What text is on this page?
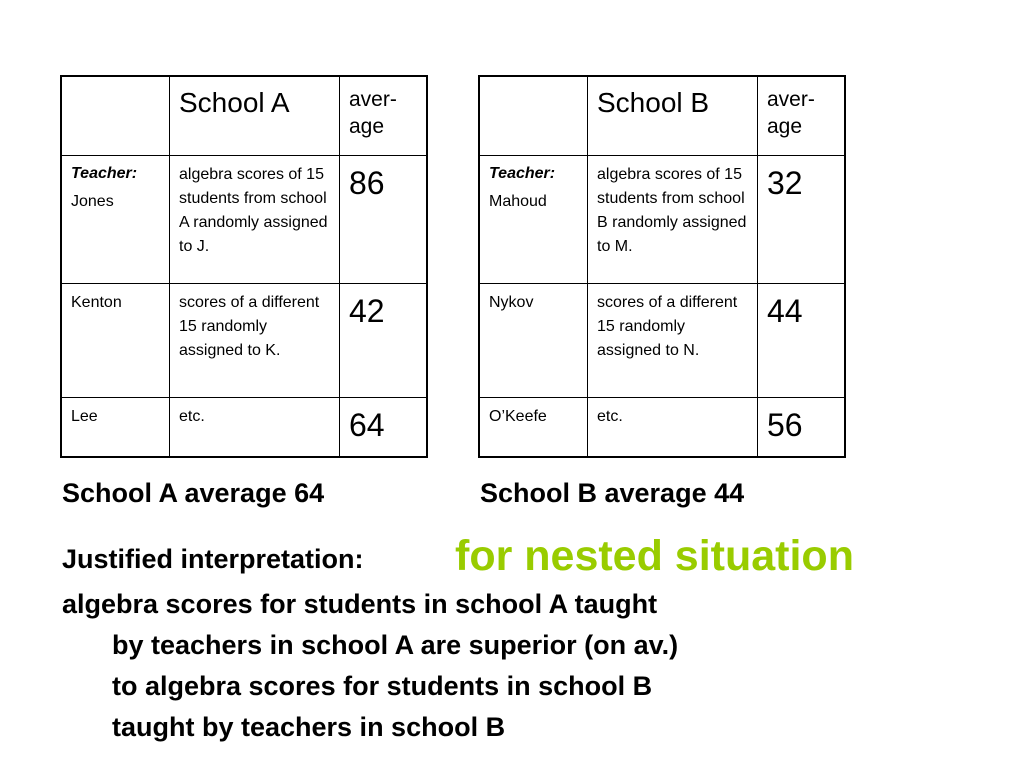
	School A	aver-age

Teacher:
Jones	algebra scores of 15 students from school A randomly assigned to J.	86

Kenton	scores of a different 15 randomly assigned to K.	42

Lee	etc.	64

	School B	aver-age

Teacher:
Mahoud	algebra scores of 15 students from school B randomly assigned to M.	32

Nykov	scores of a different 15 randomly assigned to N.	44

O’Keefe	etc.	56
School A average 64	School B average 44
Justified interpretation: for nested situation
algebra scores for students in school A taught
by teachers in school A are superior (on av.)
to algebra scores for students in school B
taught by teachers in school B
